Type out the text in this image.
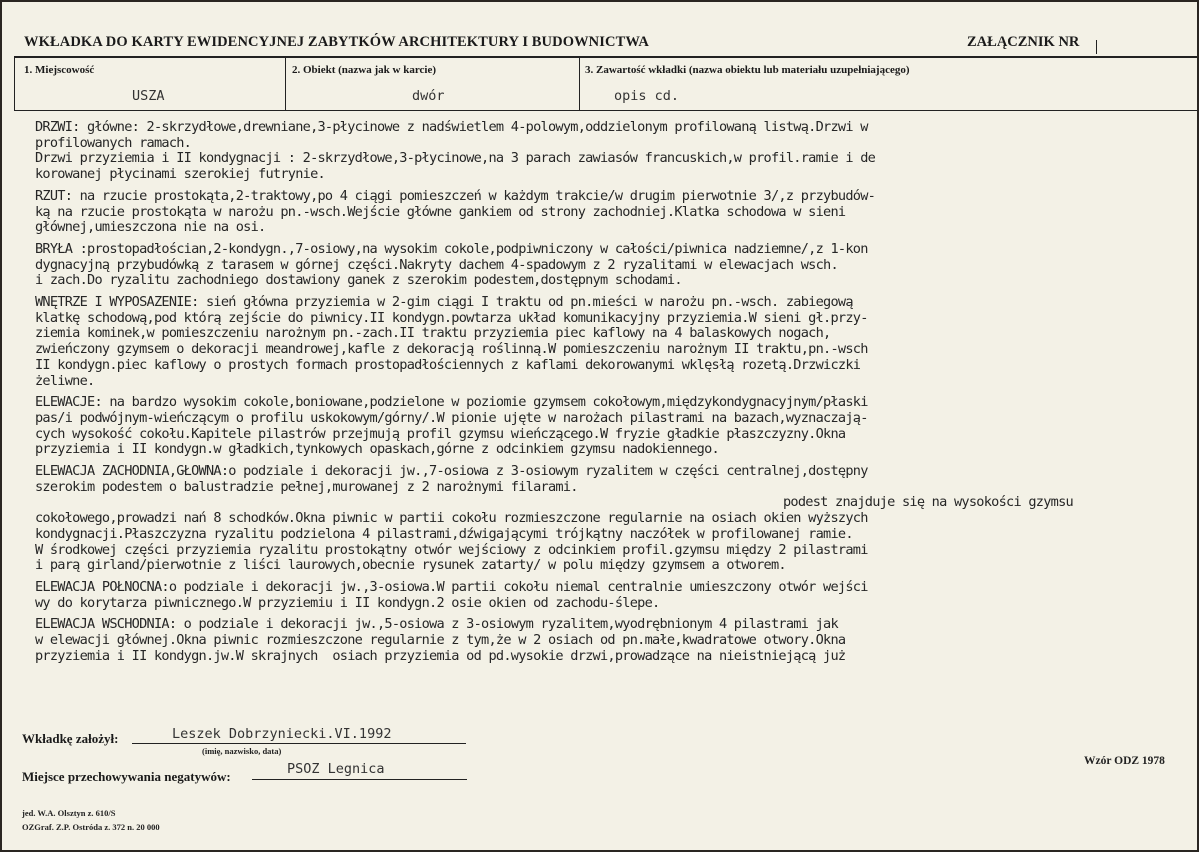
WKŁADKA DO KARTY EWIDENCYJNEJ ZABYTKÓW ARCHITEKTURY I BUDOWNICTWA	ZAŁĄCZNIK NR
1. Miejscowość
USZA
2. Obiekt (nazwa jak w karcie)
dwór
3. Zawartość wkładki (nazwa obiektu lub materiału uzupełniającego)
opis cd.
DRZWI: główne: 2-skrzydłowe,drewniane,3-płycinowe z nadświetlem 4-polowym,oddzielonym profilowaną listwą.Drzwi w
profilowanych ramach.
Drzwi przyziemia i II kondygnacji : 2-skrzydłowe,3-płycinowe,na 3 parach zawiasów francuskich,w profil.ramie i de
korowanej płycinami szerokiej futrynie.
RZUT: na rzucie prostokąta,2-traktowy,po 4 ciągi pomieszczeń w każdym trakcie/w drugim pierwotnie 3/,z przybudów-
ką na rzucie prostokąta w narożu pn.-wsch.Wejście główne gankiem od strony zachodniej.Klatka schodowa w sieni
głównej,umieszczona nie na osi.
BRYŁA :prostopadłościan,2-kondygn.,7-osiowy,na wysokim cokole,podpiwniczony w całości/piwnica nadziemne/,z 1-kon
dygnacyjną przybudówką z tarasem w górnej części.Nakryty dachem 4-spadowym z 2 ryzalitami w elewacjach wsch.
i zach.Do ryzalitu zachodniego dostawiony ganek z szerokim podestem,dostępnym schodami.
WNĘTRZE I WYPOSAŻENIE: sień główna przyziemia w 2-gim ciągi I traktu od pn.mieści w narożu pn.-wsch. zabiegową
klatkę schodową,pod którą zejście do piwnicy.II kondygn.powtarza układ komunikacyjny przyziemia.W sieni gł.przy-
ziemia kominek,w pomieszczeniu narożnym pn.-zach.II traktu przyziemia piec kaflowy na 4 balaskowych nogach,
zwieńczony gzymsem o dekoracji meandrowej,kafle z dekoracją roślinną.W pomieszczeniu narożnym II traktu,pn.-wsch
II kondygn.piec kaflowy o prostych formach prostopadłościennych z kaflami dekorowanymi wklęsłą rozetą.Drzwiczki
żeliwne.
ELEWACJE: na bardzo wysokim cokole,boniowane,podzielone w poziomie gzymsem cokołowym,międzykondygnacyjnym/płaski
pas/i podwójnym-wieńczącym o profilu uskokowym/górny/.W pionie ujęte w narożach pilastrami na bazach,wyznaczają-
cych wysokość cokołu.Kapitele pilastrów przejmują profil gzymsu wieńczącego.W fryzie gładkie płaszczyzny.Okna
przyziemia i II kondygn.w gładkich,tynkowych opaskach,górne z odcinkiem gzymsu nadokiennego.
ELEWACJA ZACHODNIA,GŁÓWNA:o podziale i dekoracji jw.,7-osiowa z 3-osiowym ryzalitem w części centralnej,dostępny
szerokim podestem o balustradzie pełnej,murowanej z 2 narożnymi filarami.
podest znajduje się na wysokości gzymsu
cokołowego,prowadzi nań 8 schodków.Okna piwnic w partii cokołu rozmieszczone regularnie na osiach okien wyższych
kondygnacji.Płaszczyzna ryzalitu podzielona 4 pilastrami,dźwigającymi trójkątny naczółek w profilowanej ramie.
W środkowej części przyziemia ryzalitu prostokątny otwór wejściowy z odcinkiem profil.gzymsu między 2 pilastrami
i parą girland/pierwotnie z liści laurowych,obecnie rysunek zatarty/ w polu między gzymsem a otworem.
ELEWACJA PÓŁNOCNA:o podziale i dekoracji jw.,3-osiowa.W partii cokołu niemal centralnie umieszczony otwór wejści
wy do korytarza piwnicznego.W przyziemiu i II kondygn.2 osie okien od zachodu-ślepe.
ELEWACJA WSCHODNIA: o podziale i dekoracji jw.,5-osiowa z 3-osiowym ryzalitem,wyodrębnionym 4 pilastrami jak
w elewacji głównej.Okna piwnic rozmieszczone regularnie z tym,że w 2 osiach od pn.małe,kwadratowe otwory.Okna
przyziemia i II kondygn.jw.W skrajnych  osiach przyziemia od pd.wysokie drzwi,prowadzące na nieistniejącą już
Wkładkę założył:	Leszek Dobrzyniecki.VI.1992
(imię, nazwisko, data)
Miejsce przechowywania negatywów:	PSOZ Legnica	Wzór ODZ 1978
jed. W.A. Olsztyn z. 610/S
OZGraf. Z.P. Ostróda z. 372 n. 20 000
